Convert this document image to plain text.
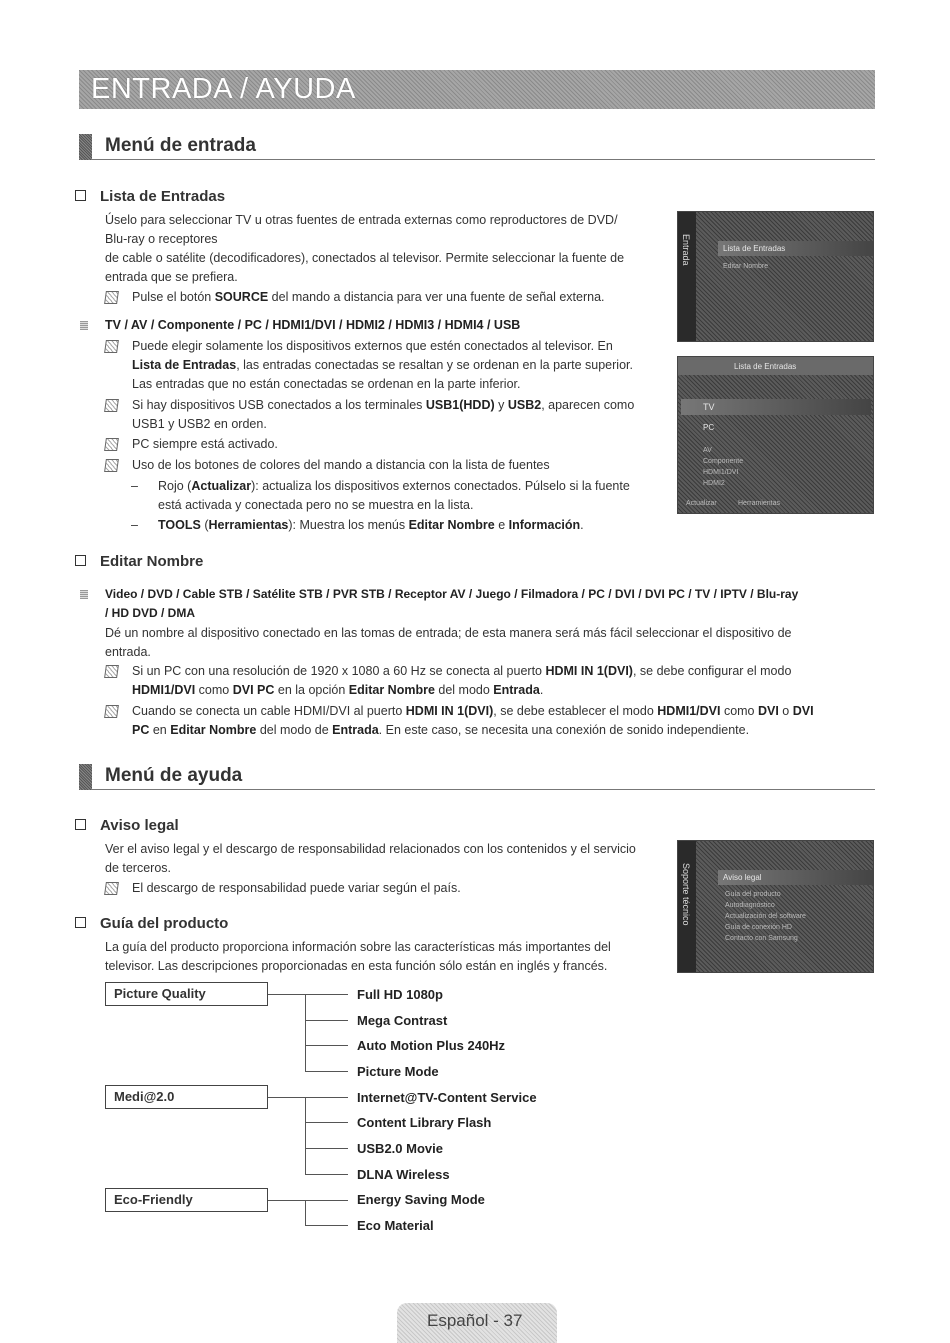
ENTRADA / AYUDA
Menú de entrada
Lista de Entradas
Úselo para seleccionar TV u otras fuentes de entrada externas como reproductores de DVD/
Blu-ray o receptores
de cable o satélite (decodificadores), conectados al televisor. Permite seleccionar la fuente de
entrada que se prefiera.
Pulse el botón SOURCE del mando a distancia para ver una fuente de señal externa.
TV / AV / Componente / PC / HDMI1/DVI / HDMI2 / HDMI3 / HDMI4 / USB
Puede elegir solamente los dispositivos externos que estén conectados al televisor. En
Lista de Entradas, las entradas conectadas se resaltan y se ordenan en la parte superior.
Las entradas que no están conectadas se ordenan en la parte inferior.
Si hay dispositivos USB conectados a los terminales USB1(HDD) y USB2, aparecen como
USB1 y USB2 en orden.
PC siempre está activado.
Uso de los botones de colores del mando a distancia con la lista de fuentes
– Rojo (Actualizar): actualiza los dispositivos externos conectados. Púlselo si la fuente
está activada y conectada pero no se muestra en la lista.
– TOOLS (Herramientas): Muestra los menús Editar Nombre e Información.
Entrada	Lista de Entradas
Editar Nombre
Lista de Entradas
TV
PC
AV
Componente
HDMI1/DVI
HDMI2
Actualizar	Herramientas
Editar Nombre
Video / DVD / Cable STB / Satélite STB / PVR STB / Receptor AV / Juego / Filmadora / PC / DVI / DVI PC / TV / IPTV / Blu-ray
/ HD DVD / DMA
Dé un nombre al dispositivo conectado en las tomas de entrada; de esta manera será más fácil seleccionar el dispositivo de
entrada.
Si un PC con una resolución de 1920 x 1080 a 60 Hz se conecta al puerto HDMI IN 1(DVI), se debe configurar el modo
HDMI1/DVI como DVI PC en la opción Editar Nombre del modo Entrada.
Cuando se conecta un cable HDMI/DVI al puerto HDMI IN 1(DVI), se debe establecer el modo HDMI1/DVI como DVI o DVI
PC en Editar Nombre del modo de Entrada. En este caso, se necesita una conexión de sonido independiente.
Menú de ayuda
Aviso legal
Ver el aviso legal y el descargo de responsabilidad relacionados con los contenidos y el servicio
de terceros.
El descargo de responsabilidad puede variar según el país.
Guía del producto
La guía del producto proporciona información sobre las características más importantes del
televisor. Las descripciones proporcionadas en esta función sólo están en inglés y francés.
Soporte técnico	Aviso legal
Guía del producto
Autodiagnóstico
Actualización del software
Guía de conexión HD
Contacto con Samsung
Picture Quality
Medi@2.0
Eco-Friendly
Full HD 1080p
Mega Contrast
Auto Motion Plus 240Hz
Picture Mode
Internet@TV-Content Service
Content Library Flash
USB2.0 Movie
DLNA Wireless
Energy Saving Mode
Eco Material
Español - 37
